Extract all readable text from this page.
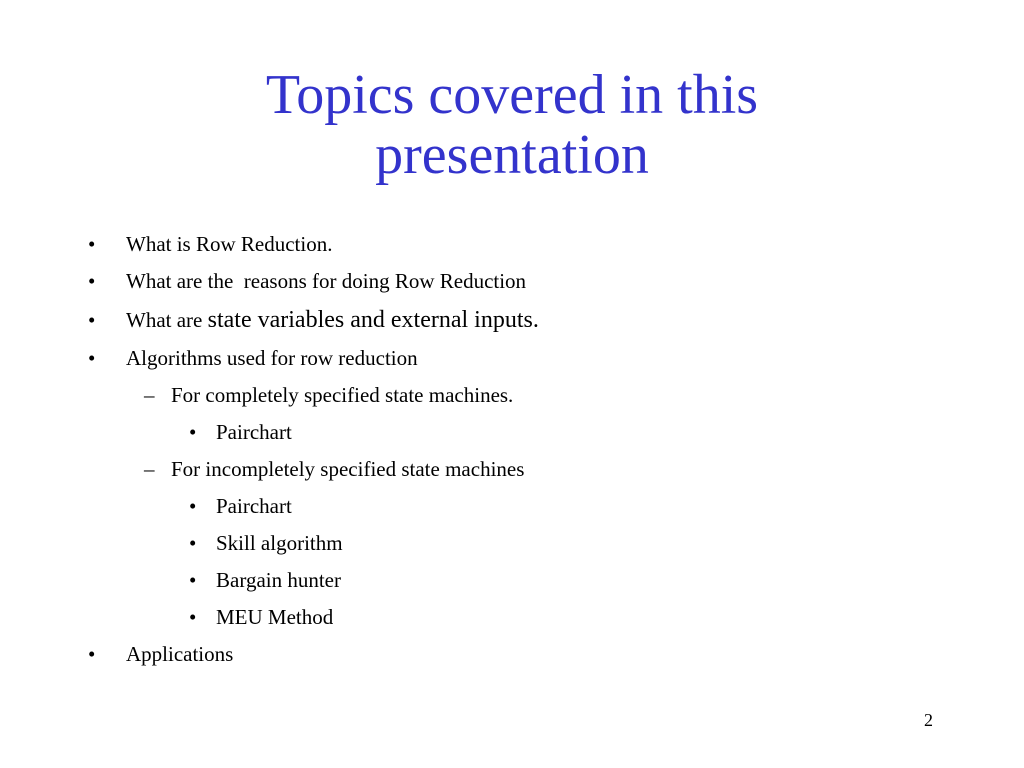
Topics covered in this
presentation
• What is Row Reduction.
• What are the  reasons for doing Row Reduction
• What are state variables and external inputs.
• Algorithms used for row reduction
– For completely specified state machines.
• Pairchart
– For incompletely specified state machines
• Pairchart
• Skill algorithm
• Bargain hunter
• MEU Method
• Applications
2
